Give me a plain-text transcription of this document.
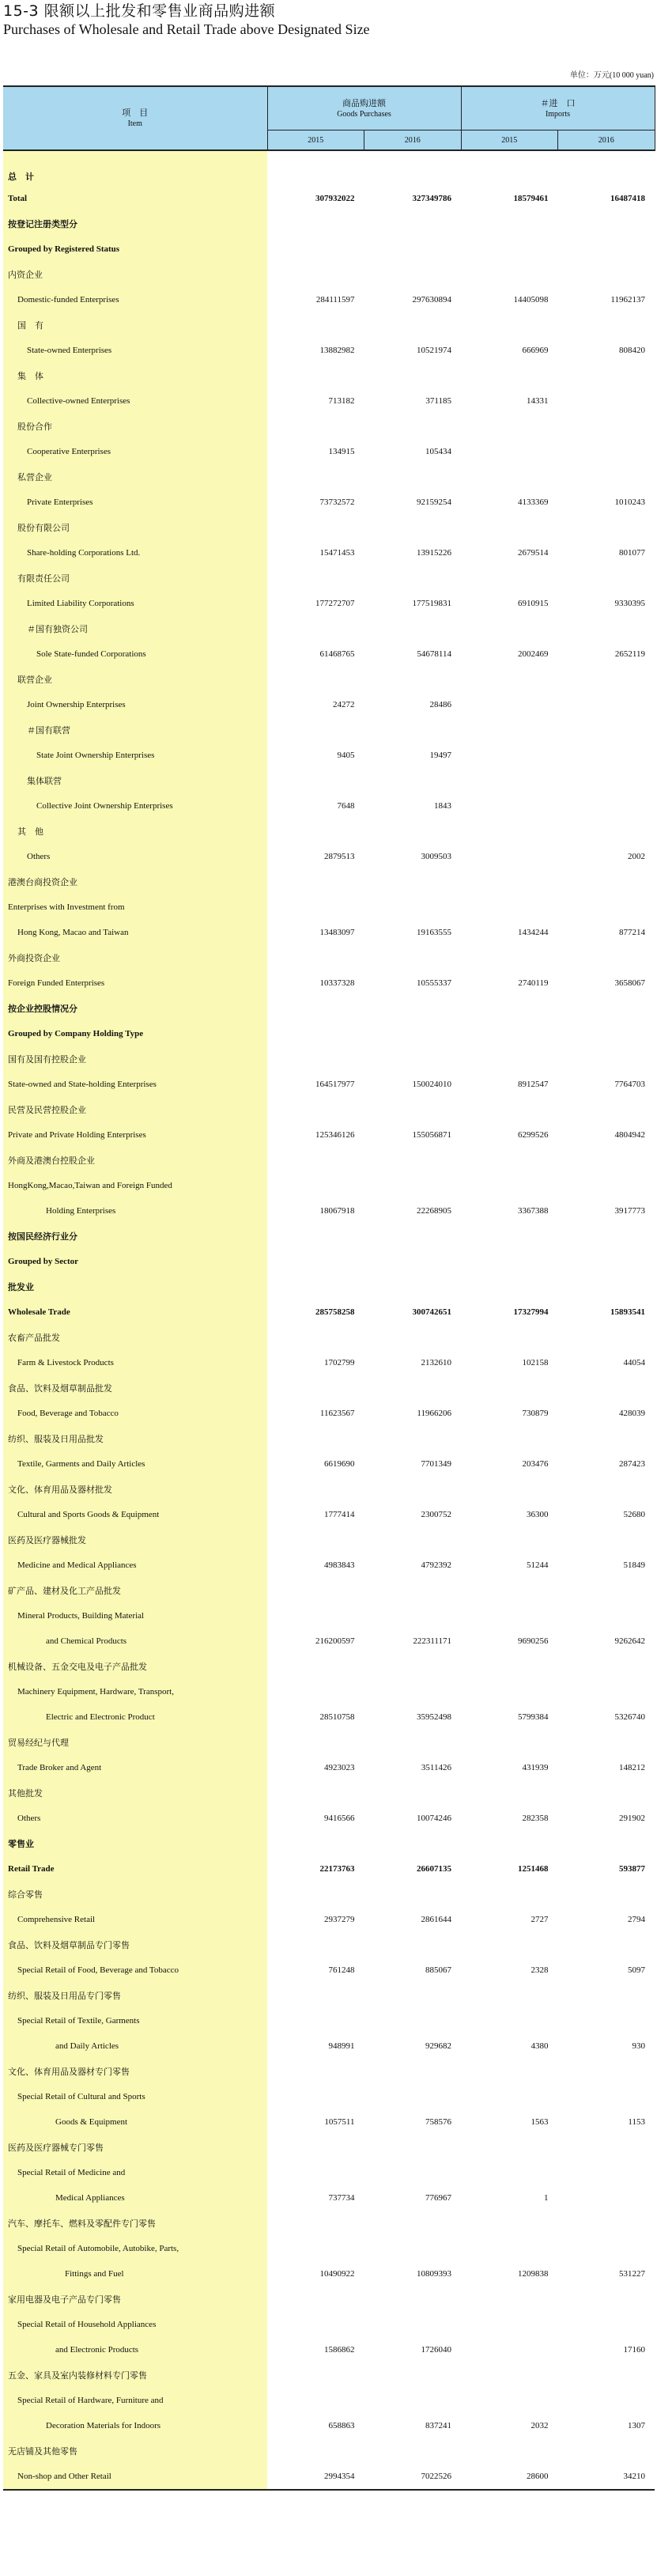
15-3 限额以上批发和零售业商品购进额
Purchases of Wholesale and Retail Trade above Designated Size
单位：万元(10 000 yuan)
项　目
Item	商品购进额
Goods Purchases		＃进　口
Imports	

	2015	2016	2015	2016
总　计				
Total	307932022	327349786	18579461	16487418
按登记注册类型分				
Grouped by Registered Status				
内资企业				
Domestic-funded Enterprises	284111597	297630894	14405098	11962137
国　有				
State-owned Enterprises	13882982	10521974	666969	808420
集　体				
Collective-owned Enterprises	713182	371185	14331	
股份合作				
Cooperative Enterprises	134915	105434		
私营企业				
Private Enterprises	73732572	92159254	4133369	1010243
股份有限公司				
Share-holding Corporations Ltd.	15471453	13915226	2679514	801077
有限责任公司				
Limited Liability Corporations	177272707	177519831	6910915	9330395
＃国有独资公司				
Sole State-funded Corporations	61468765	54678114	2002469	2652119
联营企业				
Joint Ownership Enterprises	24272	28486		
＃国有联营				
State Joint Ownership Enterprises	9405	19497		
集体联营				
Collective Joint Ownership Enterprises	7648	1843		
其　他				
Others	2879513	3009503		2002
港澳台商投资企业				
Enterprises with Investment from				
Hong Kong, Macao and Taiwan	13483097	19163555	1434244	877214
外商投资企业				
Foreign Funded Enterprises	10337328	10555337	2740119	3658067
按企业控股情况分				
Grouped by Company Holding Type				
国有及国有控股企业				
State-owned and State-holding Enterprises	164517977	150024010	8912547	7764703
民营及民营控股企业				
Private and Private Holding Enterprises	125346126	155056871	6299526	4804942
外商及港澳台控股企业				
HongKong,Macao,Taiwan and Foreign Funded				
Holding Enterprises	18067918	22268905	3367388	3917773
按国民经济行业分				
Grouped by Sector				
批发业				
Wholesale Trade	285758258	300742651	17327994	15893541
农畜产品批发				
Farm & Livestock Products	1702799	2132610	102158	44054
食品、饮料及烟草制品批发				
Food, Beverage and Tobacco	11623567	11966206	730879	428039
纺织、服装及日用品批发				
Textile, Garments and Daily Articles	6619690	7701349	203476	287423
文化、体育用品及器材批发				
Cultural and Sports Goods & Equipment	1777414	2300752	36300	52680
医药及医疗器械批发				
Medicine and Medical Appliances	4983843	4792392	51244	51849
矿产品、建材及化工产品批发				
Mineral Products, Building Material				
and Chemical Products	216200597	222311171	9690256	9262642
机械设备、五金交电及电子产品批发				
Machinery Equipment, Hardware, Transport,				
Electric and Electronic Product	28510758	35952498	5799384	5326740
贸易经纪与代理				
Trade Broker and Agent	4923023	3511426	431939	148212
其他批发				
Others	9416566	10074246	282358	291902
零售业				
Retail Trade	22173763	26607135	1251468	593877
综合零售				
Comprehensive Retail	2937279	2861644	2727	2794
食品、饮料及烟草制品专门零售				
Special Retail of Food, Beverage and Tobacco	761248	885067	2328	5097
纺织、服装及日用品专门零售				
Special Retail of Textile, Garments				
and Daily Articles	948991	929682	4380	930
文化、体育用品及器材专门零售				
Special Retail of Cultural and Sports				
Goods & Equipment	1057511	758576	1563	1153
医药及医疗器械专门零售				
Special Retail of Medicine and				
Medical Appliances	737734	776967	1	
汽车、摩托车、燃料及零配件专门零售				
Special Retail of Automobile, Autobike, Parts,				
Fittings and Fuel	10490922	10809393	1209838	531227
家用电器及电子产品专门零售				
Special Retail of Household Appliances				
and Electronic Products	1586862	1726040		17160
五金、家具及室内装修材料专门零售				
Special Retail of Hardware, Furniture and				
Decoration Materials for Indoors	658863	837241	2032	1307
无店铺及其他零售				
Non-shop and Other Retail	2994354	7022526	28600	34210
